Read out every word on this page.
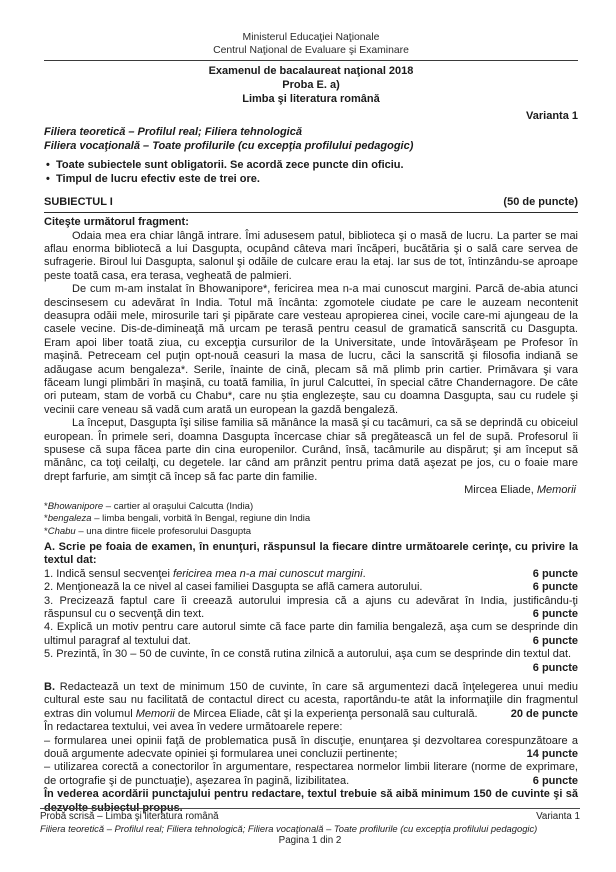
Ministerul Educaţiei Naţionale
Centrul Naţional de Evaluare şi Examinare
Examenul de bacalaureat naţional 2018
Proba E. a)
Limba şi literatura română
Varianta 1
Filiera teoretică – Profilul real; Filiera tehnologică
Filiera vocaţională – Toate profilurile (cu excepţia profilului pedagogic)
• Toate subiectele sunt obligatorii. Se acordă zece puncte din oficiu.
• Timpul de lucru efectiv este de trei ore.
SUBIECTUL I	(50 de puncte)
Citeşte următorul fragment:

Odaia mea era chiar lângă intrare. Îmi adusesem patul, biblioteca şi o masă de lucru. La parter se mai aflau enorma bibliotecă a lui Dasgupta, ocupând câteva mari încăperi, bucătăria şi o sală care servea de sufragerie. Biroul lui Dasgupta, salonul şi odăile de culcare erau la etaj. Iar sus de tot, întinzându-se aproape peste toată casa, era terasa, vegheată de palmieri.

De cum m-am instalat în Bhowanipore*, fericirea mea n-a mai cunoscut margini. Parcă de-abia atunci descinsesem cu adevărat în India. Totul mă încânta: zgomotele ciudate pe care le auzeam necontenit deasupra odăii mele, mirosurile tari şi pipărate care vesteau apropierea cinei, vocile care-mi ajungeau de la casele vecine. Dis-de-dimineaţă mă urcam pe terasă pentru ceasul de gramatică sanscrită cu Dasgupta. Eram apoi liber toată ziua, cu excepţia cursurilor de la Universitate, unde întovărăşeam pe Profesor în maşină. Petreceam cel puţin opt-nouă ceasuri la masa de lucru, căci la sanscrită şi filosofia indiană se adăugase acum bengaleza*. Serile, înainte de cină, plecam să mă plimb prin cartier. Primăvara şi vara făceam lungi plimbări în maşină, cu toată familia, în jurul Calcuttei, în special către Chandernagore. De câte ori puteam, stam de vorbă cu Chabu*, care nu ştia englezeşte, sau cu doamna Dasgupta, sau cu rudele şi vecinii care veneau să vadă cum arată un european la gazdă bengaleză.

La început, Dasgupta îşi silise familia să mănânce la masă şi cu tacâmuri, ca să se deprindă cu obiceiul european. În primele seri, doamna Dasgupta încercase chiar să pregătească un fel de supă. Profesorul îi spusese că supa făcea parte din cina europenilor. Curând, însă, tacâmurile au dispărut; şi am început să mănânc, ca toţi ceilalţi, cu degetele. Iar când am prânzit pentru prima dată aşezat pe jos, cu o foaie mare drept farfurie, am simţit că încep să fac parte din familie.

Mircea Eliade, Memorii
*Bhowanipore – cartier al oraşului Calcutta (India)
*bengaleza – limba bengali, vorbită în Bengal, regiune din India
*Chabu – una dintre fiicele profesorului Dasgupta
A. Scrie pe foaia de examen, în enunţuri, răspunsul la fiecare dintre următoarele cerinţe, cu privire la textul dat:
1. Indică sensul secvenţei fericirea mea n-a mai cunoscut margini.	6 puncte
2. Menţionează la ce nivel al casei familiei Dasgupta se află camera autorului.	6 puncte
3. Precizează faptul care îi creează autorului impresia că a ajuns cu adevărat în India, justificându-ţi răspunsul cu o secvenţă din text.	6 puncte
4. Explică un motiv pentru care autorul simte că face parte din familia bengaleză, aşa cum se desprinde din ultimul paragraf al textului dat.	6 puncte
5. Prezintă, în 30 – 50 de cuvinte, în ce constă rutina zilnică a autorului, aşa cum se desprinde din textul dat.
6 puncte
B. Redactează un text de minimum 150 de cuvinte, în care să argumentezi dacă înţelegerea unui mediu cultural este sau nu facilitată de contactul direct cu acesta, raportându-te atât la informaţiile din fragmentul extras din volumul Memorii de Mircea Eliade, cât şi la experienţa personală sau culturală.	20 de puncte
În redactarea textului, vei avea în vedere următoarele repere:
– formularea unei opinii faţă de problematica pusă în discuţie, enunţarea şi dezvoltarea corespunzătoare a două argumente adecvate opiniei şi formularea unei concluzii pertinente;	14 puncte
– utilizarea corectă a conectorilor în argumentare, respectarea normelor limbii literare (norme de exprimare, de ortografie şi de punctuaţie), aşezarea în pagină, lizibilitatea.	6 puncte
În vederea acordării punctajului pentru redactare, textul trebuie să aibă minimum 150 de cuvinte şi să dezvolte subiectul propus.
Probă scrisă – Limba şi literatura română	Varianta 1
Filiera teoretică – Profilul real; Filiera tehnologică; Filiera vocaţională – Toate profilurile (cu excepţia profilului pedagogic)
Pagina 1 din 2
